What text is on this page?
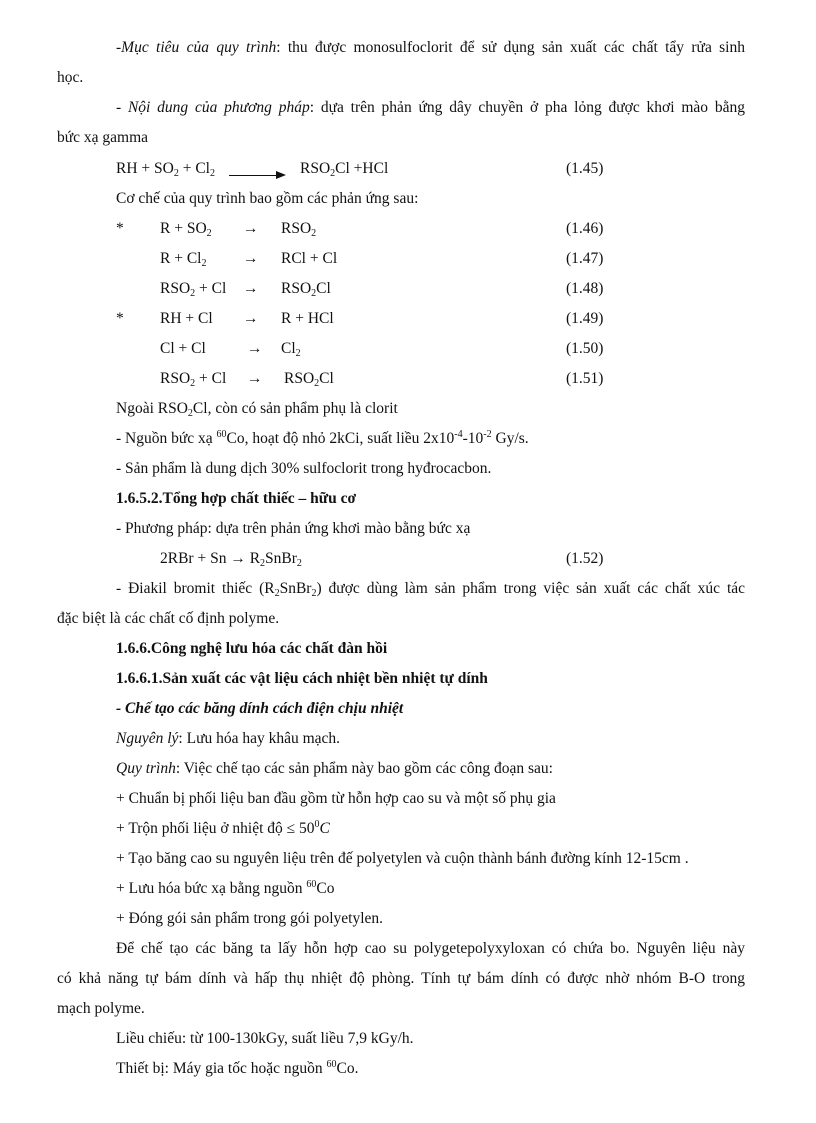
-Mục tiêu của quy trình: thu được monosulfoclorit để sử dụng sản xuất các chất tẩy rửa sinh
học.
- Nội dung của phương pháp: dựa trên phản ứng dây chuyền ở pha lỏng được khơi mào bằng
bức xạ gamma
RH + $SO_2 + Cl_2$	$RSO_2Cl +HCl$	(1.45)
Cơ chế của quy trình bao gồm các phản ứng sau:
* $R + SO_2 \to RSO_2$	(1.46)
$R + Cl_2$ → RCl + Cl	(1.47)
$RSO_2 + Cl \to RSO_2Cl$	(1.48)
* RH + Cl → R + HCl	(1.49)
Cl + Cl	→ $Cl_2$	(1.50)
$RSO_2 + Cl \to RSO_2Cl$	(1.51)
Ngoài $RSO_2Cl$, còn có sản phẩm phụ là clorit
- Nguồn bức xạ $^{60}$Co, hoạt độ nhỏ 2kCi, suất liều $2x10^{-4}-10^{-2}$ Gy/s.
- Sản phẩm là dung dịch 30% sulfoclorit trong hyđrocacbon.
1.6.5.2.Tổng hợp chất thiếc – hữu cơ
- Phương pháp: dựa trên phản ứng khơi mào bằng bức xạ
$2RBr + Sn \to R_2SnBr_2$	(1.52)
- Điakil bromit thiếc $(R_2SnBr_2)$ được dùng làm sản phẩm trong việc sản xuất các chất xúc tác
đặc biệt là các chất cố định polyme.
1.6.6.Công nghệ lưu hóa các chất đàn hồi
1.6.6.1.Sản xuất các vật liệu cách nhiệt bền nhiệt tự dính
- Chế tạo các băng dính cách điện chịu nhiệt
Nguyên lý: Lưu hóa hay khâu mạch.
Quy trình: Việc chế tạo các sản phẩm này bao gồm các công đoạn sau:
+ Chuẩn bị phối liệu ban đầu gồm từ hỗn hợp cao su và một số phụ gia
+ Trộn phối liệu ở nhiệt độ ≤ $50^0C$
+ Tạo băng cao su nguyên liệu trên đế polyetylen và cuộn thành bánh đường kính 12-15cm .
+ Lưu hóa bức xạ bằng nguồn $^{60}$Co
+ Đóng gói sản phẩm trong gói polyetylen.
Để chế tạo các băng ta lấy hỗn hợp cao su polygetepolyxyloxan có chứa bo. Nguyên liệu này
có khả năng tự bám dính và hấp thụ nhiệt độ phòng. Tính tự bám dính có được nhờ nhóm B-O trong
mạch polyme.
Liều chiếu: từ 100-130kGy, suất liều 7,9 kGy/h.
Thiết bị: Máy gia tốc hoặc nguồn $^{60}$Co.
